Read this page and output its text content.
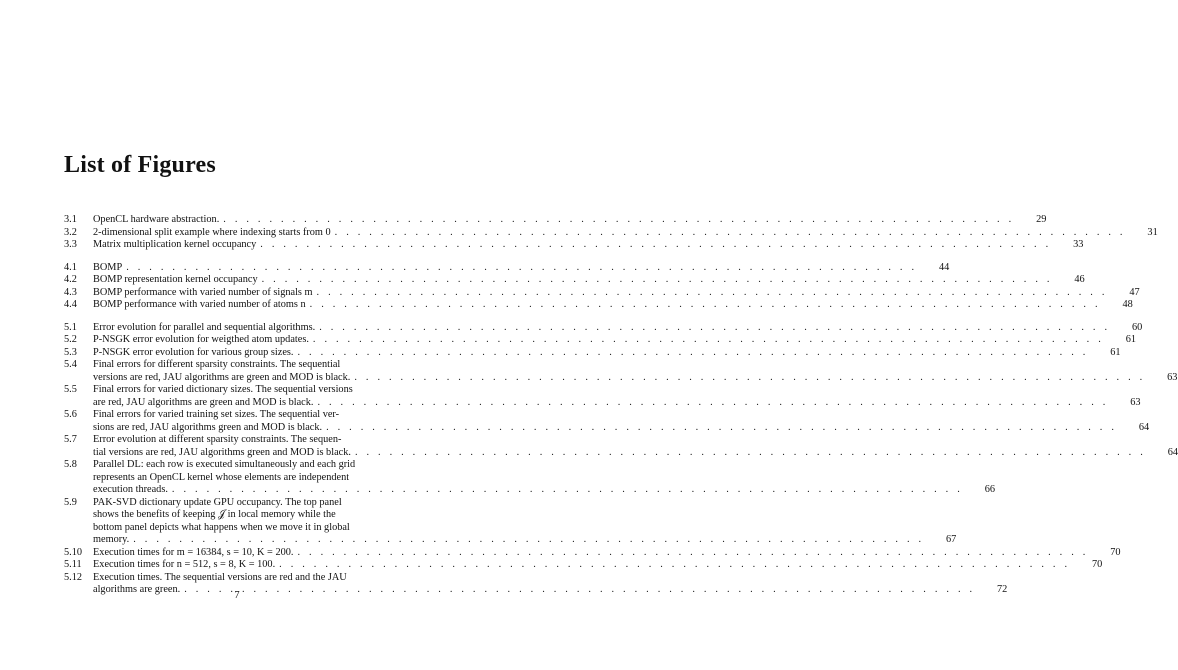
List of Figures
3.1	OpenCL hardware abstraction. . . .	29
3.2	2-dimensional split example where indexing starts from 0 . . .	31
3.3	Matrix multiplication kernel occupancy . . .	33
4.1	BOMP . . .	44
4.2	BOMP representation kernel occupancy . . .	46
4.3	BOMP performance with varied number of signals m . . .	47
4.4	BOMP performance with varied number of atoms n . . .	48
5.1	Error evolution for parallel and sequential algorithms. . . .	60
5.2	P-NSGK error evolution for weigthed atom updates. . . .	61
5.3	P-NSGK error evolution for various group sizes. . . .	61
5.4	Final errors for different sparsity constraints. The sequential
versions are red, JAU algorithms are green and MOD is black. . . .	63
5.5	Final errors for varied dictionary sizes. The sequential versions
are red, JAU algorithms are green and MOD is black. . . .	63
5.6	Final errors for varied training set sizes. The sequential ver-
sions are red, JAU algorithms green and MOD is black. . . .	64
5.7	Error evolution at different sparsity constraints. The sequen-
tial versions are red, JAU algorithms green and MOD is black. . . .	64
5.8	Parallel DL: each row is executed simultaneously and each grid
represents an OpenCL kernel whose elements are independent
execution threads. . . .	66
5.9	PAK-SVD dictionary update GPU occupancy. The top panel
shows the benefits of keeping 𝒥 in local memory while the
bottom panel depicts what happens when we move it in global
memory. . . .	67
5.10	Execution times for m = 16384, s = 10, K = 200. . . .	70
5.11	Execution times for n = 512, s = 8, K = 100. . . .	70
5.12	Execution times. The sequential versions are red and the JAU
algorithms are green. . . .	72
7
